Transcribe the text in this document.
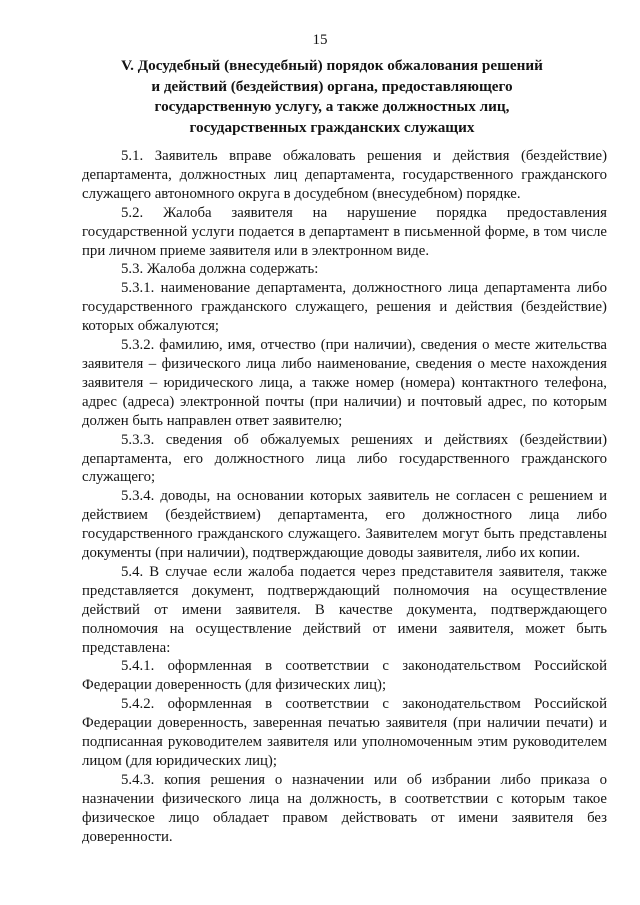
15
V. Досудебный (внесудебный) порядок обжалования решений
и действий (бездействия) органа, предоставляющего
государственную услугу, а также должностных лиц,
государственных гражданских служащих

5.1. Заявитель вправе обжаловать решения и действия (бездействие) департамента, должностных лиц департамента, государственного гражданского служащего автономного округа в досудебном (внесудебном) порядке.

5.2. Жалоба заявителя на нарушение порядка предоставления государственной услуги подается в департамент в письменной форме, в том числе при личном приеме заявителя или в электронном виде.

5.3. Жалоба должна содержать:

5.3.1. наименование департамента, должностного лица департамента либо государственного гражданского служащего, решения и действия (бездействие) которых обжалуются;

5.3.2. фамилию, имя, отчество (при наличии), сведения о месте жительства заявителя – физического лица либо наименование, сведения о месте нахождения заявителя – юридического лица, а также номер (номера) контактного телефона, адрес (адреса) электронной почты (при наличии) и почтовый адрес, по которым должен быть направлен ответ заявителю;

5.3.3. сведения об обжалуемых решениях и действиях (бездействии) департамента, его должностного лица либо государственного гражданского служащего;

5.3.4. доводы, на основании которых заявитель не согласен с решением и действием (бездействием) департамента, его должностного лица либо государственного гражданского служащего. Заявителем могут быть представлены документы (при наличии), подтверждающие доводы заявителя, либо их копии.

5.4. В случае если жалоба подается через представителя заявителя, также представляется документ, подтверждающий полномочия на осуществление действий от имени заявителя. В качестве документа, подтверждающего полномочия на осуществление действий от имени заявителя, может быть представлена:

5.4.1. оформленная в соответствии с законодательством Российской Федерации доверенность (для физических лиц);

5.4.2. оформленная в соответствии с законодательством Российской Федерации доверенность, заверенная печатью заявителя (при наличии печати) и подписанная руководителем заявителя или уполномоченным этим руководителем лицом (для юридических лиц);

5.4.3. копия решения о назначении или об избрании либо приказа о назначении физического лица на должность, в соответствии с которым такое физическое лицо обладает правом действовать от имени заявителя без доверенности.
